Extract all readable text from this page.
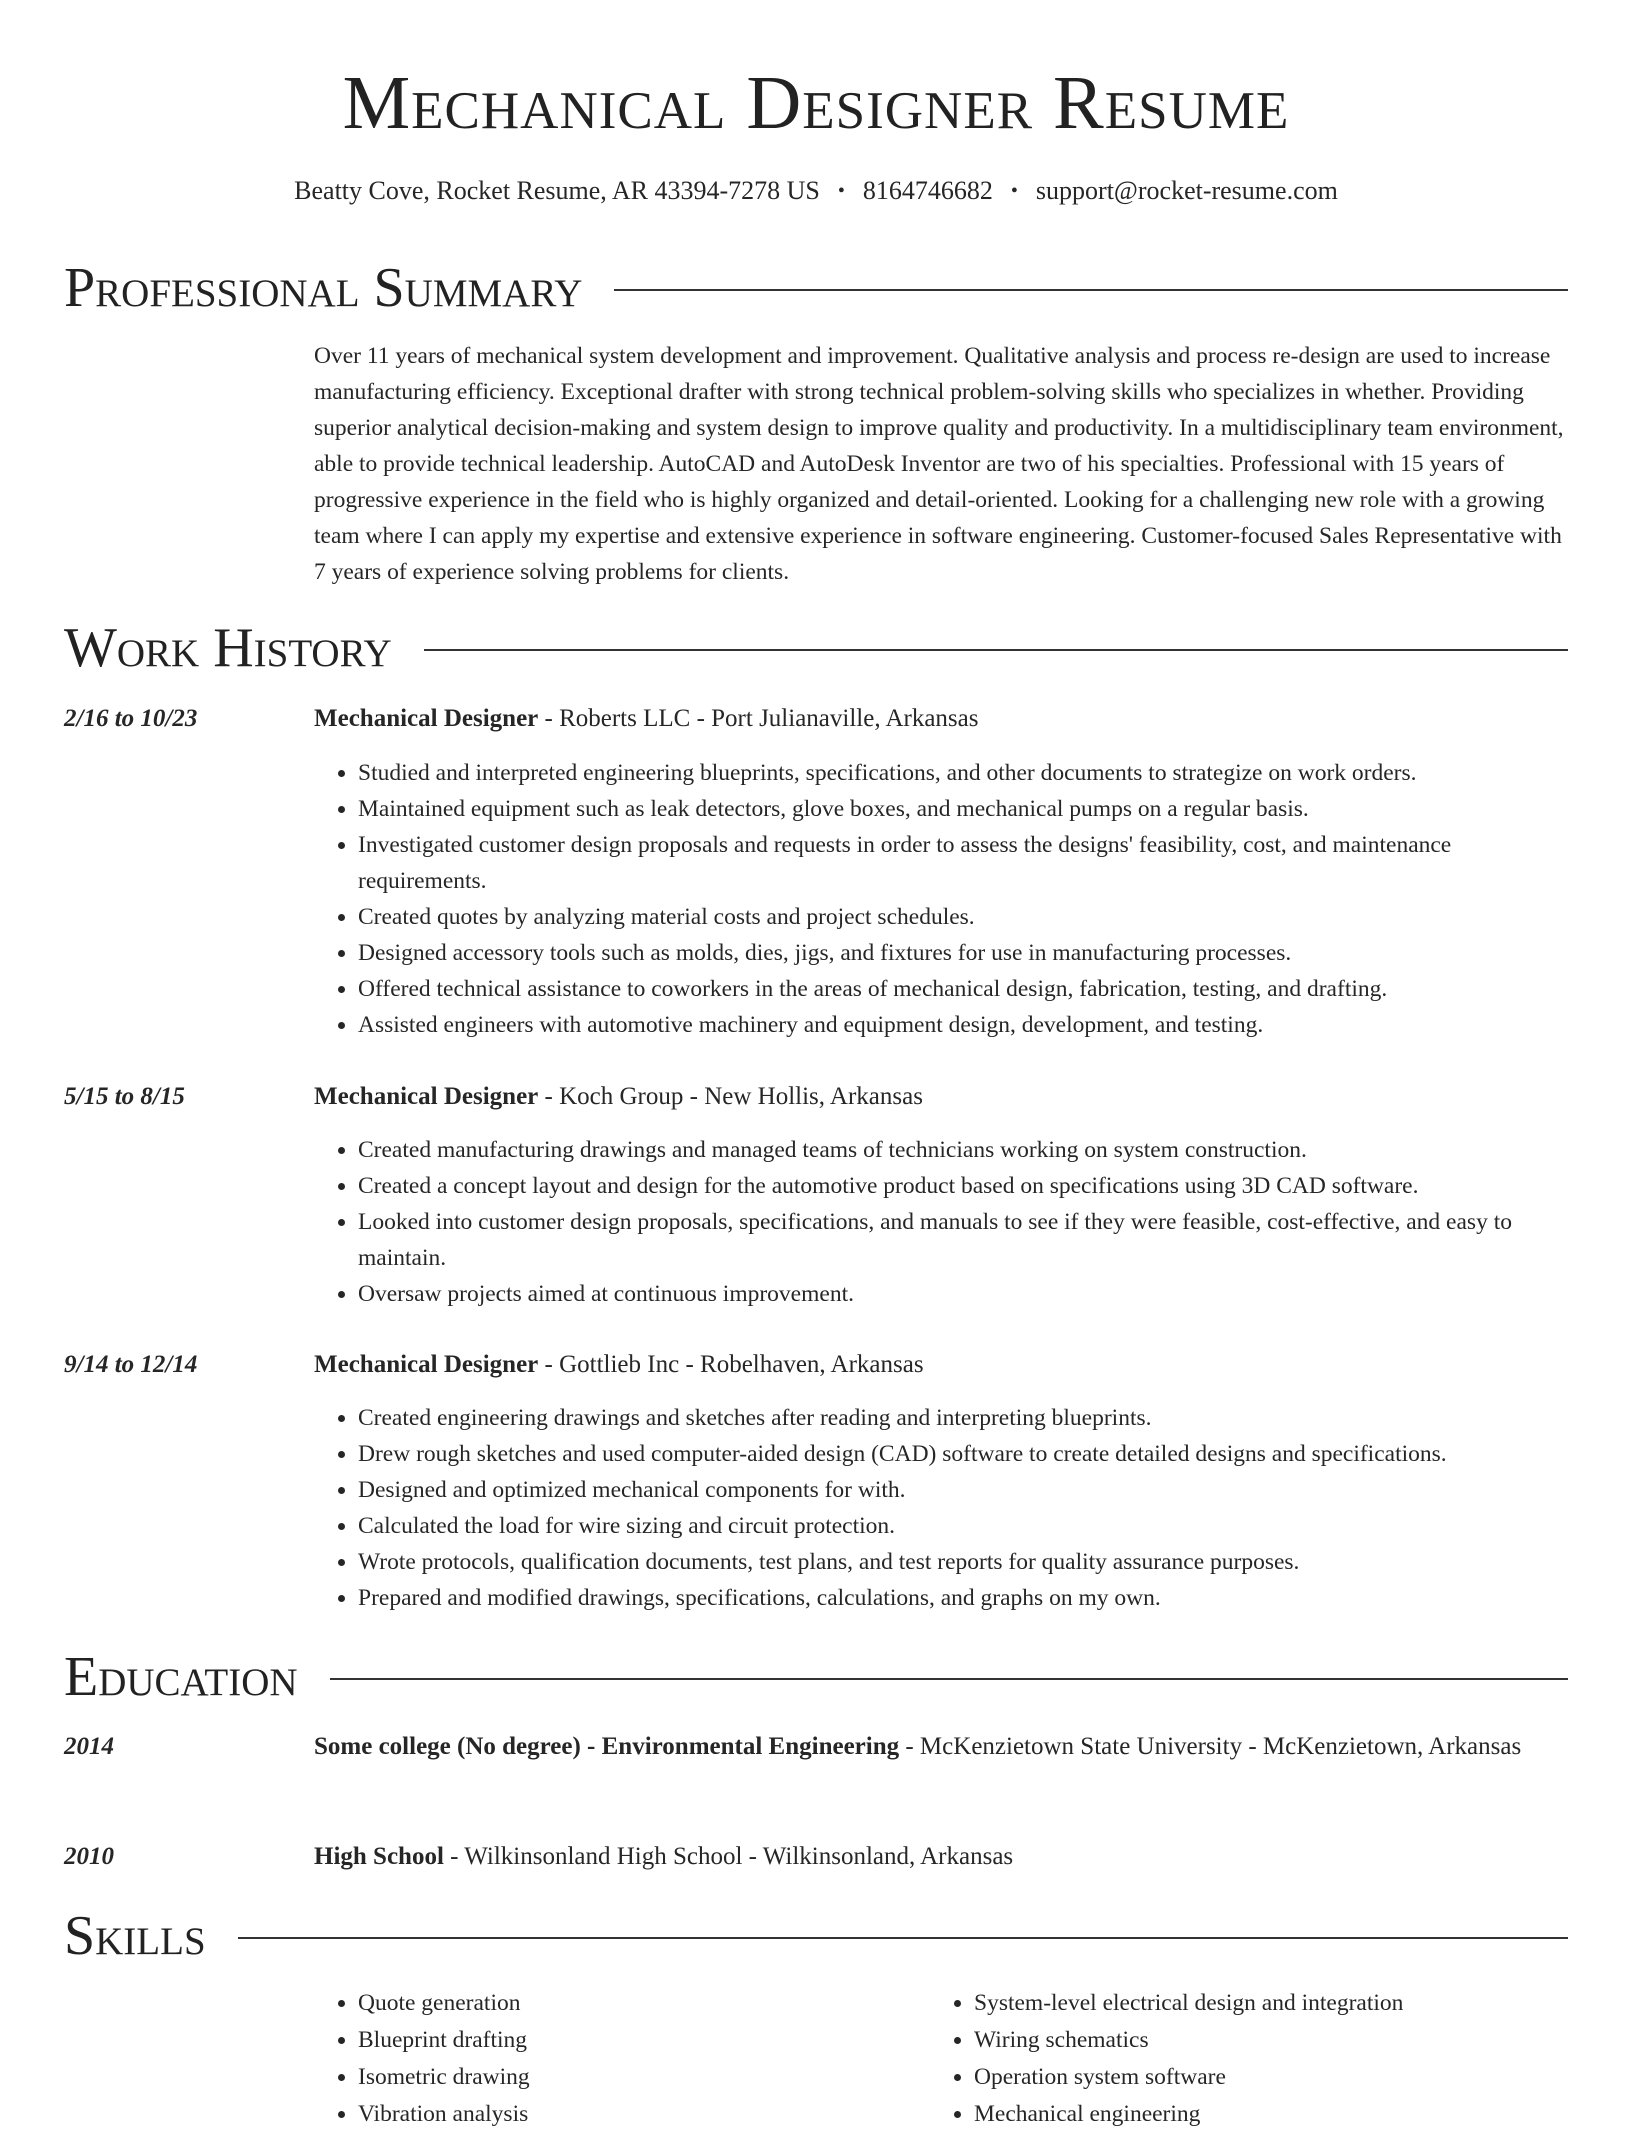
Mechanical Designer Resume
Beatty Cove, Rocket Resume, AR 43394-7278 US • 8164746682 • support@rocket-resume.com
Professional Summary

Over 11 years of mechanical system development and improvement. Qualitative analysis and process re-design are used to increase manufacturing efficiency. Exceptional drafter with strong technical problem-solving skills who specializes in whether. Providing superior analytical decision-making and system design to improve quality and productivity. In a multidisciplinary team environment, able to provide technical leadership. AutoCAD and AutoDesk Inventor are two of his specialties. Professional with 15 years of progressive experience in the field who is highly organized and detail-oriented. Looking for a challenging new role with a growing team where I can apply my expertise and extensive experience in software engineering. Customer-focused Sales Representative with 7 years of experience solving problems for clients.

Work History
2/16 to 10/23	Mechanical Designer - Roberts LLC - Port Julianaville, Arkansas
• Studied and interpreted engineering blueprints, specifications, and other documents to strategize on work orders.
• Maintained equipment such as leak detectors, glove boxes, and mechanical pumps on a regular basis.
• Investigated customer design proposals and requests in order to assess the designs' feasibility, cost, and maintenance requirements.
• Created quotes by analyzing material costs and project schedules.
• Designed accessory tools such as molds, dies, jigs, and fixtures for use in manufacturing processes.
• Offered technical assistance to coworkers in the areas of mechanical design, fabrication, testing, and drafting.
• Assisted engineers with automotive machinery and equipment design, development, and testing.
5/15 to 8/15	Mechanical Designer - Koch Group - New Hollis, Arkansas
• Created manufacturing drawings and managed teams of technicians working on system construction.
• Created a concept layout and design for the automotive product based on specifications using 3D CAD software.
• Looked into customer design proposals, specifications, and manuals to see if they were feasible, cost-effective, and easy to maintain.
• Oversaw projects aimed at continuous improvement.
9/14 to 12/14	Mechanical Designer - Gottlieb Inc - Robelhaven, Arkansas
• Created engineering drawings and sketches after reading and interpreting blueprints.
• Drew rough sketches and used computer-aided design (CAD) software to create detailed designs and specifications.
• Designed and optimized mechanical components for with.
• Calculated the load for wire sizing and circuit protection.
• Wrote protocols, qualification documents, test plans, and test reports for quality assurance purposes.
• Prepared and modified drawings, specifications, calculations, and graphs on my own.
Education
2014	Some college (No degree) - Environmental Engineering - McKenzietown State University - McKenzietown, Arkansas
2010	High School - Wilkinsonland High School - Wilkinsonland, Arkansas
Skills
• Quote generation
• Blueprint drafting
• Isometric drawing
• Vibration analysis
• System-level electrical design and integration
• Wiring schematics
• Operation system software
• Mechanical engineering
